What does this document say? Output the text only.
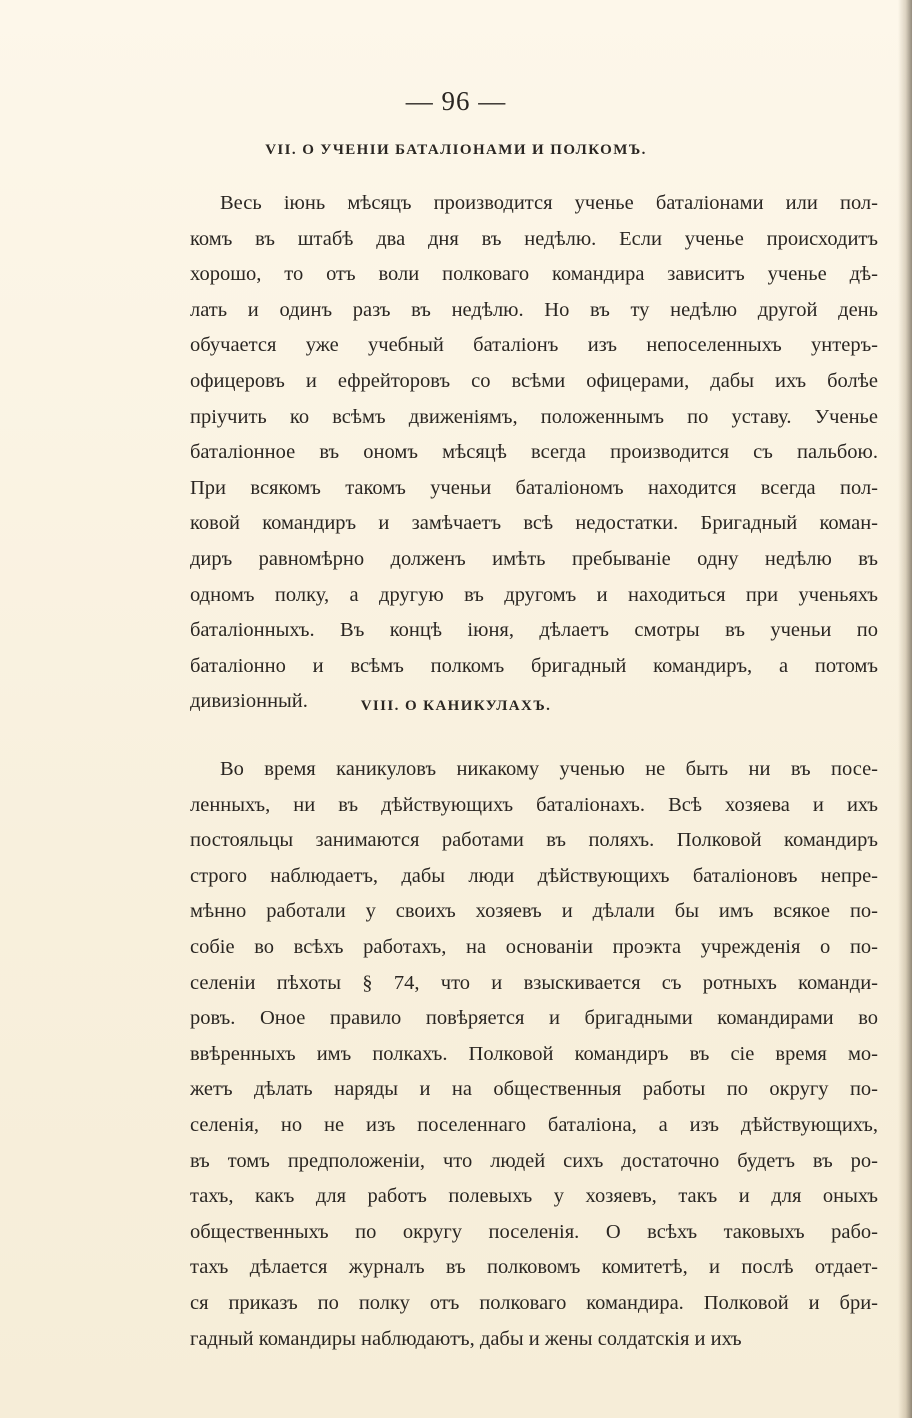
— 96 —
VII. О УЧЕНІИ БАТАЛІОНАМИ И ПОЛКОМЪ.
Весь іюнь мѣсяцъ производится ученье баталіонами или пол-
комъ въ штабѣ два дня въ недѣлю. Если ученье происходитъ
хорошо, то отъ воли полковаго командира зависитъ ученье дѣ-
лать и одинъ разъ въ недѣлю. Но въ ту недѣлю другой день
обучается уже учебный баталіонъ изъ непоселенныхъ унтеръ-
офицеровъ и ефрейторовъ со всѣми офицерами, дабы ихъ болѣе
пріучить ко всѣмъ движеніямъ, положеннымъ по уставу. Ученье
баталіонное въ ономъ мѣсяцѣ всегда производится съ пальбою.
При всякомъ такомъ ученьи баталіономъ находится всегда пол-
ковой командиръ и замѣчаетъ всѣ недостатки. Бригадный коман-
диръ равномѣрно долженъ имѣть пребываніе одну недѣлю въ
одномъ полку, а другую въ другомъ и находиться при ученьяхъ
баталіонныхъ. Въ концѣ іюня, дѣлаетъ смотры въ ученьи по
баталіонно и всѣмъ полкомъ бригадный командиръ, а потомъ
дивизіонный.	VIII. О КАНИКУЛАХЪ.
Во время каникуловъ никакому ученью не быть ни въ посе-
ленныхъ, ни въ дѣйствующихъ баталіонахъ. Всѣ хозяева и ихъ
постояльцы занимаются работами въ поляхъ. Полковой командиръ
строго наблюдаетъ, дабы люди дѣйствующихъ баталіоновъ непре-
мѣнно работали у своихъ хозяевъ и дѣлали бы имъ всякое по-
собіе во всѣхъ работахъ, на основаніи проэкта учрежденія о по-
селеніи пѣхоты § 74, что и взыскивается съ ротныхъ команди-
ровъ. Оное правило повѣряется и бригадными командирами во
ввѣренныхъ имъ полкахъ. Полковой командиръ въ сіе время мо-
жетъ дѣлать наряды и на общественныя работы по округу по-
селенія, но не изъ поселеннаго баталіона, а изъ дѣйствующихъ,
въ томъ предположеніи, что людей сихъ достаточно будетъ въ ро-
тахъ, какъ для работъ полевыхъ у хозяевъ, такъ и для оныхъ
общественныхъ по округу поселенія. О всѣхъ таковыхъ рабо-
тахъ дѣлается журналъ въ полковомъ комитетѣ, и послѣ отдает-
ся приказъ по полку отъ полковаго командира. Полковой и бри-
гадный командиры наблюдаютъ, дабы и жены солдатскія и ихъ
